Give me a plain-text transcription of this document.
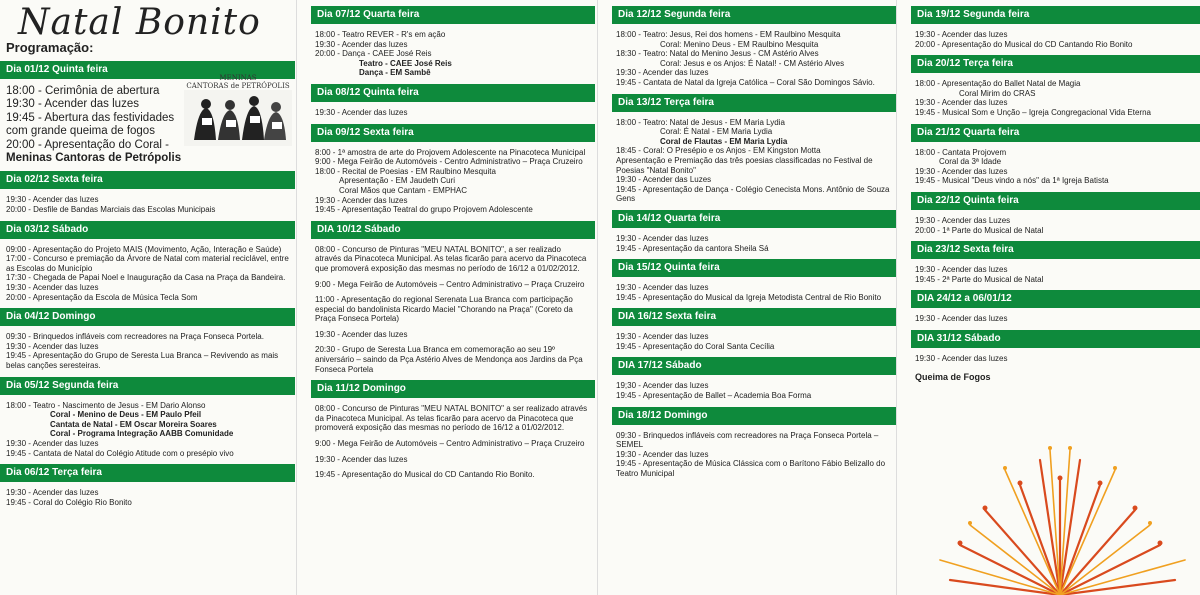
Natal Bonito
Programação:
Dia 01/12 Quinta feira
18:00 - Cerimônia de abertura
19:30 - Acender das luzes
19:45 - Abertura das festividades
com grande queima de fogos
20:00 - Apresentação do Coral -
Meninas Cantoras de Petrópolis
MENINAS
CANTORAS de PETRÓPOLIS
Dia 02/12 Sexta feira
19:30 - Acender das luzes
20:00 - Desfile de Bandas Marciais das Escolas Municipais
Dia 03/12 Sábado
09:00 - Apresentação do Projeto MAIS (Movimento, Ação, Interação e Saúde)
17:00 - Concurso e premiação da Árvore de Natal com material reciclável, entre as Escolas do Município
17:30 - Chegada de Papai Noel e Inauguração da Casa na Praça da Bandeira.
19:30 - Acender das luzes
20:00 - Apresentação da Escola de Música Tecla Som
Dia 04/12 Domingo
09:30 - Brinquedos infláveis com recreadores na Praça Fonseca Portela.
19:30 - Acender das luzes
19:45 - Apresentação do Grupo de Seresta Lua Branca – Revivendo as mais belas canções seresteiras.
Dia 05/12 Segunda feira
18:00 - Teatro - Nascimento de Jesus - EM Dario Alonso
Coral - Menino de Deus - EM Paulo Pfeil
Cantata de Natal - EM Oscar Moreira Soares
Coral - Programa Integração AABB Comunidade
19:30 - Acender das luzes
19:45 - Cantata de Natal do Colégio Atitude com o presépio vivo
Dia 06/12 Terça feira
19:30 - Acender das luzes
19:45 - Coral do Colégio Rio Bonito
Dia 07/12 Quarta feira
18:00 - Teatro REVER - R's em ação
19:30 - Acender das luzes
20:00 - Dança - CAEE José Reis
Teatro - CAEE José Reis
Dança - EM Sambê
Dia 08/12 Quinta feira
19:30 - Acender das luzes
Dia 09/12 Sexta feira
8:00 - 1ª amostra de arte do Projovem Adolescente na Pinacoteca Municipal
9:00 - Mega Feirão de Automóveis - Centro Administrativo – Praça Cruzeiro
18:00 - Recital de Poesias - EM Raulbino Mesquita
Apresentação - EM Jaudeth Curi
Coral Mãos que Cantam - EMPHAC
19:30 - Acender das luzes
19:45 - Apresentação Teatral do grupo Projovem Adolescente
DIA 10/12 Sábado
08:00 - Concurso de Pinturas "MEU NATAL BONITO", a ser realizado através da Pinacoteca Municipal. As telas ficarão para acervo da Pinacoteca que promoverá exposição das mesmas no período de 16/12 a 01/02/2012.
9:00 - Mega Feirão de Automóveis – Centro Administrativo – Praça Cruzeiro
11:00 - Apresentação do regional Serenata Lua Branca com participação especial do bandolinista Ricardo Maciel "Chorando na Praça" (Coreto da Praça Fonseca Portela)
19:30 - Acender das luzes
20:30 - Grupo de Seresta Lua Branca em comemoração ao seu 19º aniversário – saindo da Pça Astério Alves de Mendonça aos Jardins da Pça Fonseca Portela
Dia 11/12 Domingo
08:00 - Concurso de Pinturas "MEU NATAL BONITO" a ser realizado através da Pinacoteca Municipal. As telas ficarão para acervo da Pinacoteca que promoverá exposição das mesmas no período de 16/12 a 01/02/2012.
9:00 - Mega Feirão de Automóveis – Centro Administrativo – Praça Cruzeiro
19:30 - Acender das luzes
19:45 - Apresentação do Musical do CD Cantando Rio Bonito.
Dia 12/12 Segunda feira
18:00 - Teatro: Jesus, Rei dos homens - EM Raulbino Mesquita
Coral: Menino Deus - EM Raulbino Mesquita
18:30 - Teatro: Natal do Menino Jesus - CM Astério Alves
Coral: Jesus e os Anjos: É Natal! - CM Astério Alves
19:30 - Acender das luzes
19:45 - Cantata de Natal da Igreja Católica – Coral São Domingos Sávio.
Dia 13/12 Terça feira
18:00 - Teatro: Natal de Jesus - EM Maria Lydia
Coral: É Natal - EM Maria Lydia
Coral de Flautas - EM Maria Lydia
18:45 - Coral: O Presépio e os Anjos - EM Kingston Motta
Apresentação e Premiação das três poesias classificadas no Festival de Poesias "Natal Bonito"
19:30 - Acender das Luzes
19:45 - Apresentação de Dança - Colégio Cenecista Mons. Antônio de Souza Gens
Dia 14/12 Quarta feira
19:30 - Acender das luzes
19:45 - Apresentação da cantora Sheila Sá
Dia 15/12 Quinta feira
19:30 - Acender das luzes
19:45 - Apresentação do Musical da Igreja Metodista Central de Rio Bonito
DIA 16/12 Sexta feira
19:30 - Acender das luzes
19:45 - Apresentação do Coral Santa Cecília
DIA 17/12 Sábado
19;30 - Acender das luzes
19:45 - Apresentação de Ballet – Academia Boa Forma
Dia 18/12 Domingo
09:30 - Brinquedos infláveis com recreadores na Praça Fonseca Portela – SEMEL
19:30 - Acender das luzes
19:45 - Apresentação de Música Clássica com o Barítono Fábio Belizallo do Teatro Municipal
Dia 19/12 Segunda feira
19:30 - Acender das luzes
20:00 - Apresentação do Musical do CD Cantando Rio Bonito
Dia 20/12 Terça feira
18:00 - Apresentação do Ballet Natal de Magia
Coral Mirim do CRAS
19:30 - Acender das luzes
19:45 - Musical Som e Unção – Igreja Congregacional Vida Eterna
Dia 21/12 Quarta feira
18:00 - Cantata Projovem
Coral da 3ª Idade
19:30 - Acender das luzes
19:45 - Musical "Deus vindo a nós" da 1ª Igreja Batista
Dia 22/12 Quinta feira
19:30 - Acender das Luzes
20:00 - 1ª Parte do Musical de Natal
Dia 23/12 Sexta feira
19:30 - Acender das luzes
19:45 - 2ª Parte do Musical de Natal
DIA 24/12 a 06/01/12
19:30 - Acender das luzes
DIA 31/12 Sábado
19:30 - Acender das luzes
Queima de Fogos
